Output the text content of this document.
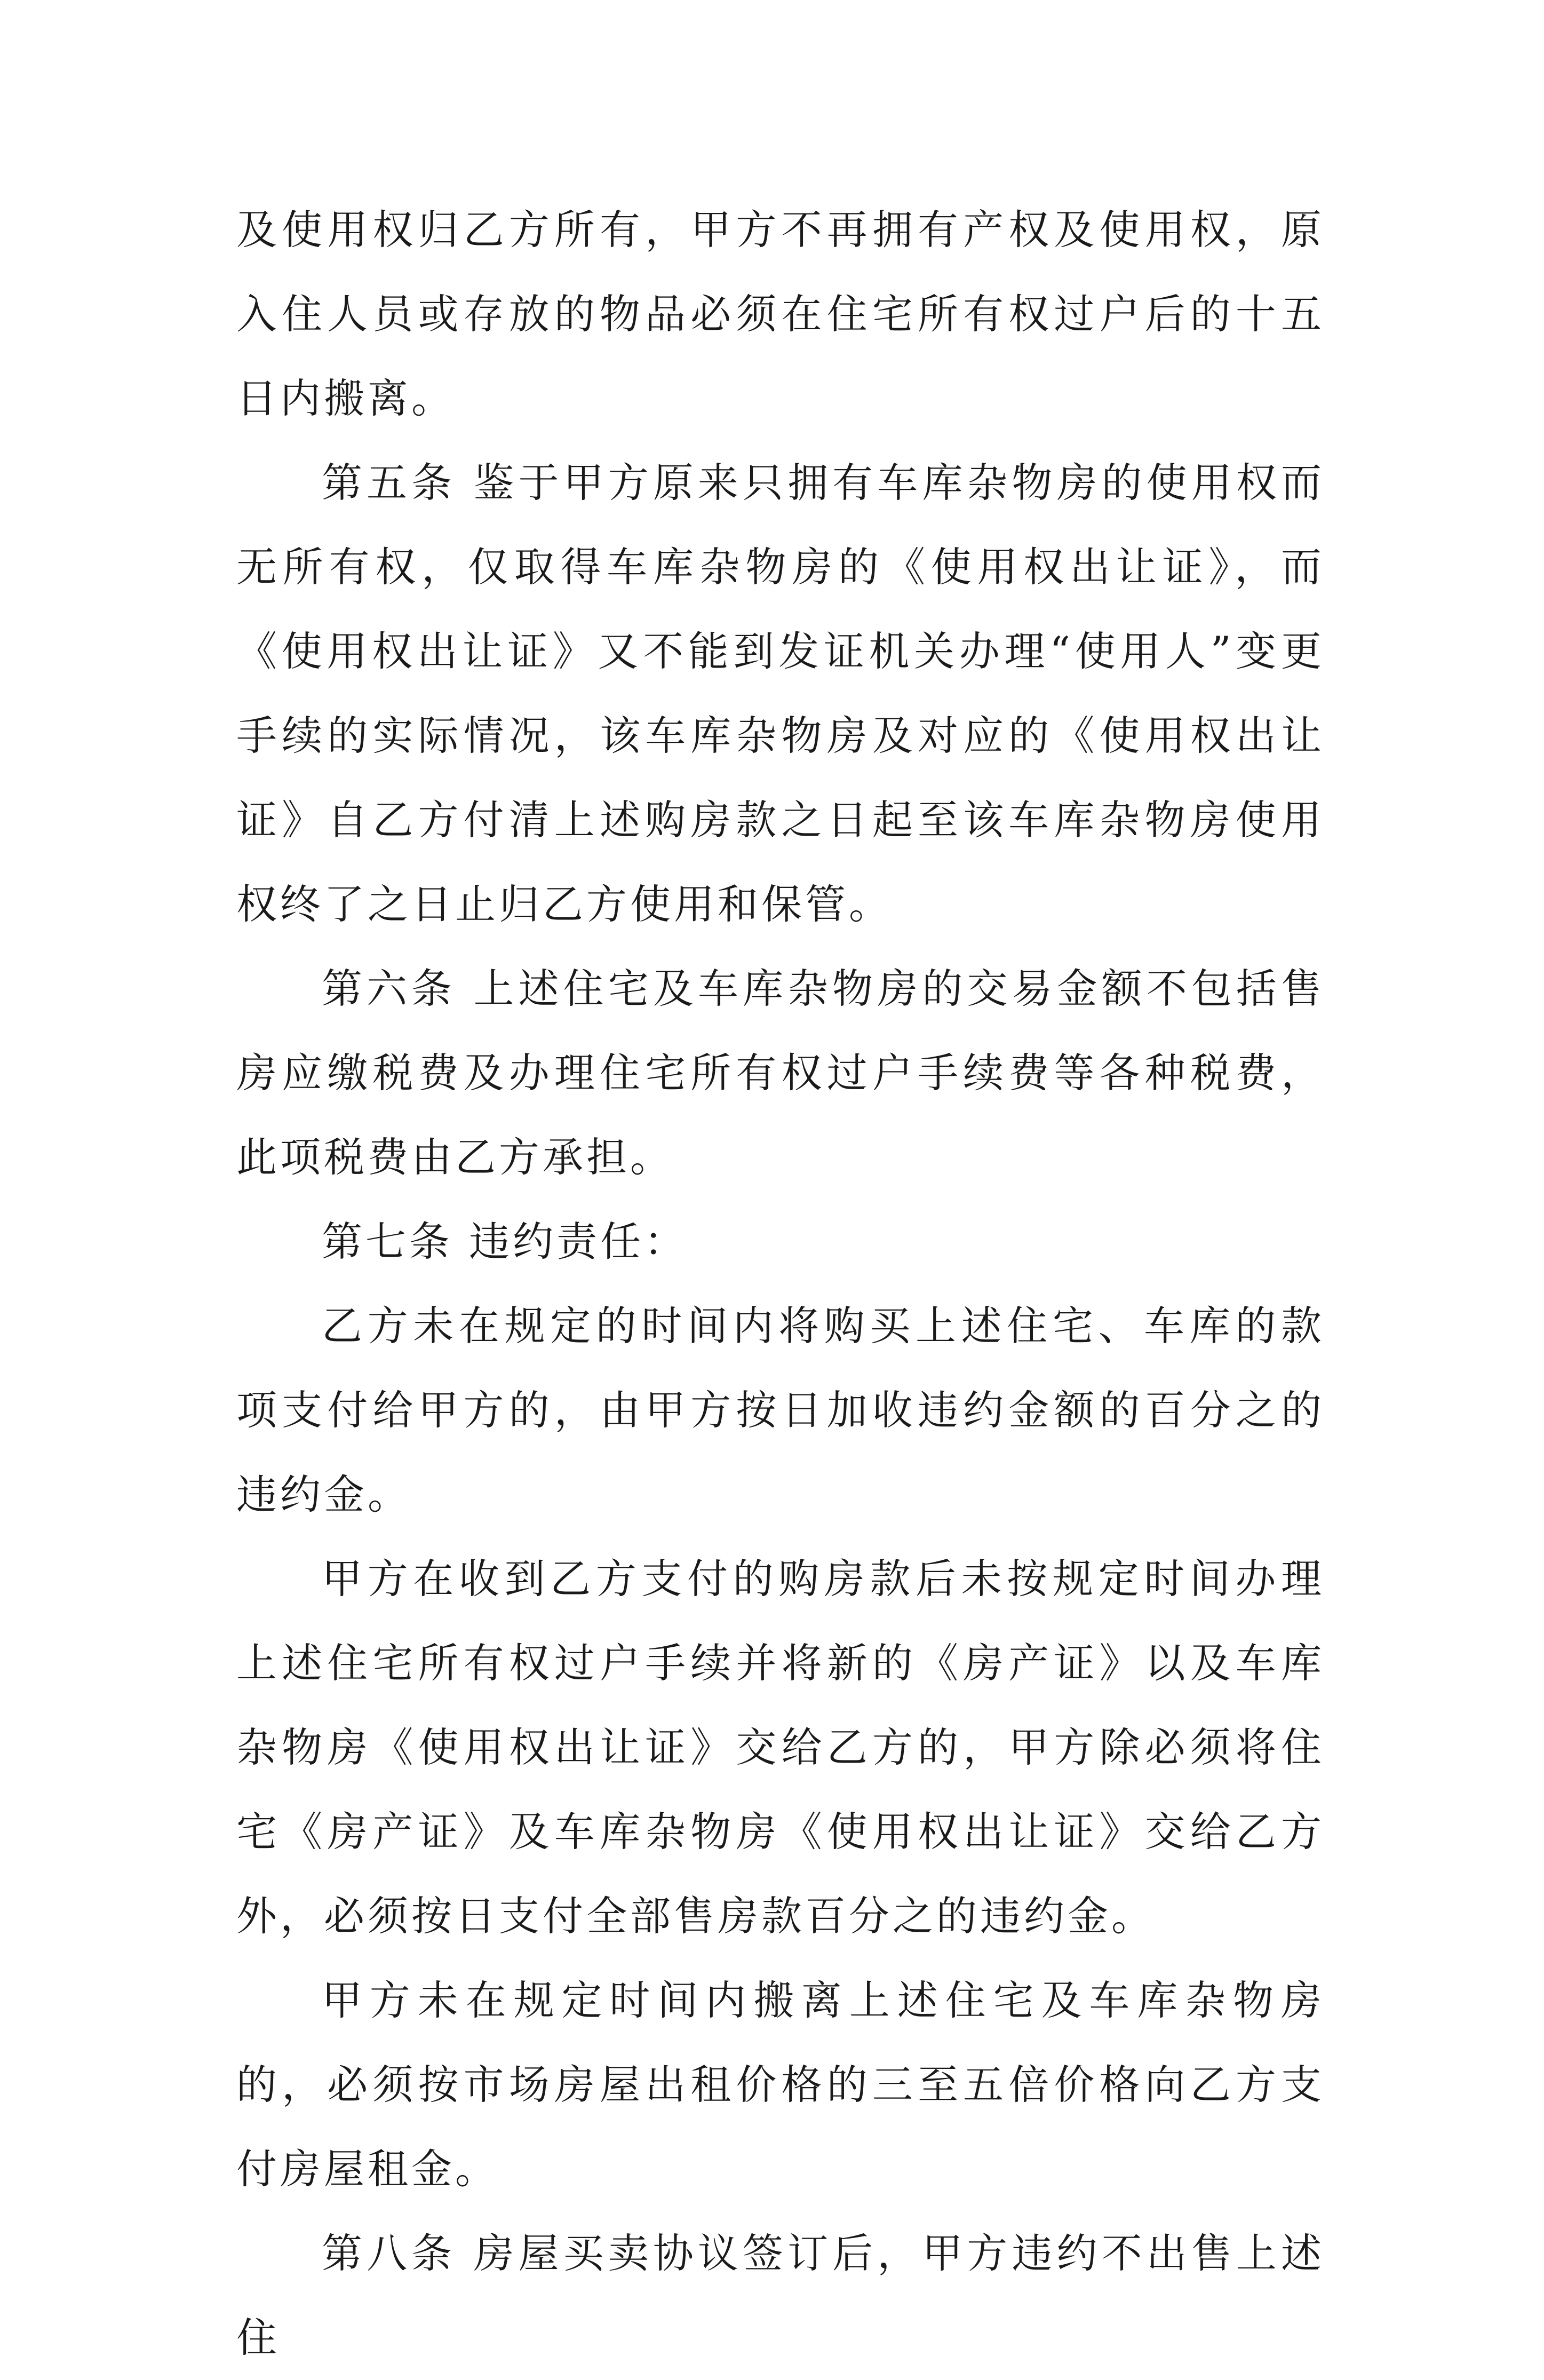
及使用权归乙方所有，甲方不再拥有产权及使用权，原入住人员或存放的物品必须在住宅所有权过户后的十五日内搬离。

第五条 鉴于甲方原来只拥有车库杂物房的使用权而无所有权，仅取得车库杂物房的《使用权出让证》，而《使用权出让证》又不能到发证机关办理“使用人”变更手续的实际情况，该车库杂物房及对应的《使用权出让证》自乙方付清上述购房款之日起至该车库杂物房使用权终了之日止归乙方使用和保管。

第六条 上述住宅及车库杂物房的交易金额不包括售房应缴税费及办理住宅所有权过户手续费等各种税费，此项税费由乙方承担。

第七条 违约责任：

乙方未在规定的时间内将购买上述住宅、车库的款项支付给甲方的，由甲方按日加收违约金额的百分之的违约金。

甲方在收到乙方支付的购房款后未按规定时间办理上述住宅所有权过户手续并将新的《房产证》以及车库杂物房《使用权出让证》交给乙方的，甲方除必须将住宅《房产证》及车库杂物房《使用权出让证》交给乙方外，必须按日支付全部售房款百分之的违约金。

甲方未在规定时间内搬离上述住宅及车库杂物房的，必须按市场房屋出租价格的三至五倍价格向乙方支付房屋租金。

第八条 房屋买卖协议签订后，甲方违约不出售上述住
